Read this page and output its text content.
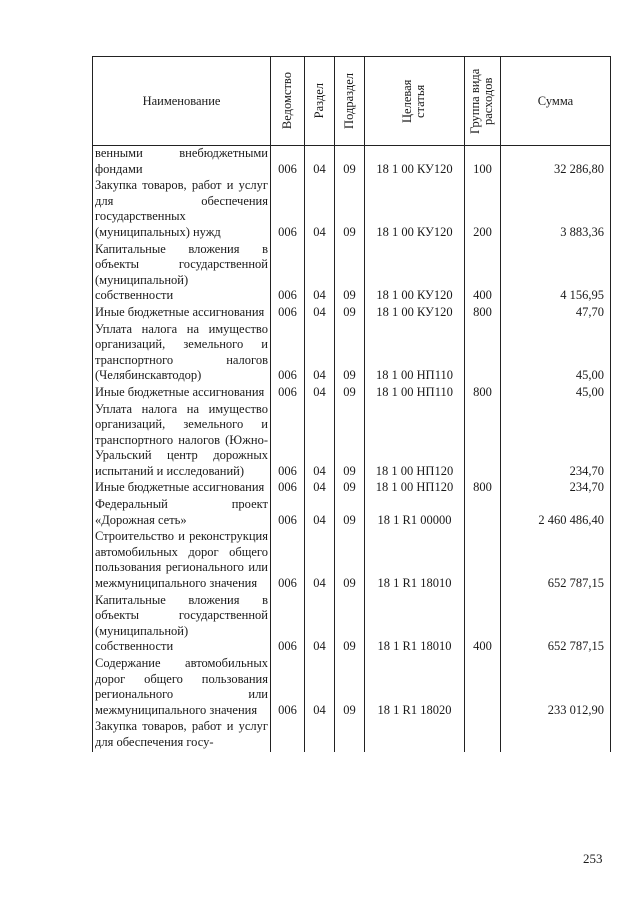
Наименование	Ведомство	Раздел	Подраздел	Целевая статья	Группа вида расходов	Сумма
венными внебюджетными фондами	006	04	09	18 1 00 КУ120	100	32 286,80
Закупка товаров, работ и услуг для обеспечения государственных (муниципальных) нужд	006	04	09	18 1 00 КУ120	200	3 883,36
Капитальные вложения в объекты государственной (муниципальной) собственности	006	04	09	18 1 00 КУ120	400	4 156,95
Иные бюджетные ассигнования	006	04	09	18 1 00 КУ120	800	47,70
Уплата налога на имущество организаций, земельного и транспортного налогов (Челябинскавтодор)	006	04	09	18 1 00 НП110		45,00
Иные бюджетные ассигнования	006	04	09	18 1 00 НП110	800	45,00
Уплата налога на имущество организаций, земельного и транспортного налогов (Южно-Уральский центр дорожных испытаний и исследований)	006	04	09	18 1 00 НП120		234,70
Иные бюджетные ассигнования	006	04	09	18 1 00 НП120	800	234,70
Федеральный проект «Дорожная сеть»	006	04	09	18 1 R1 00000		2 460 486,40
Строительство и реконструкция автомобильных дорог общего пользования регионального или межмуниципального значения	006	04	09	18 1 R1 18010		652 787,15
Капитальные вложения в объекты государственной (муниципальной) собственности	006	04	09	18 1 R1 18010	400	652 787,15
Содержание автомобильных дорог общего пользования регионального или межмуниципального значения	006	04	09	18 1 R1 18020		233 012,90
Закупка товаров, работ и услуг для обеспечения госу-						
253
